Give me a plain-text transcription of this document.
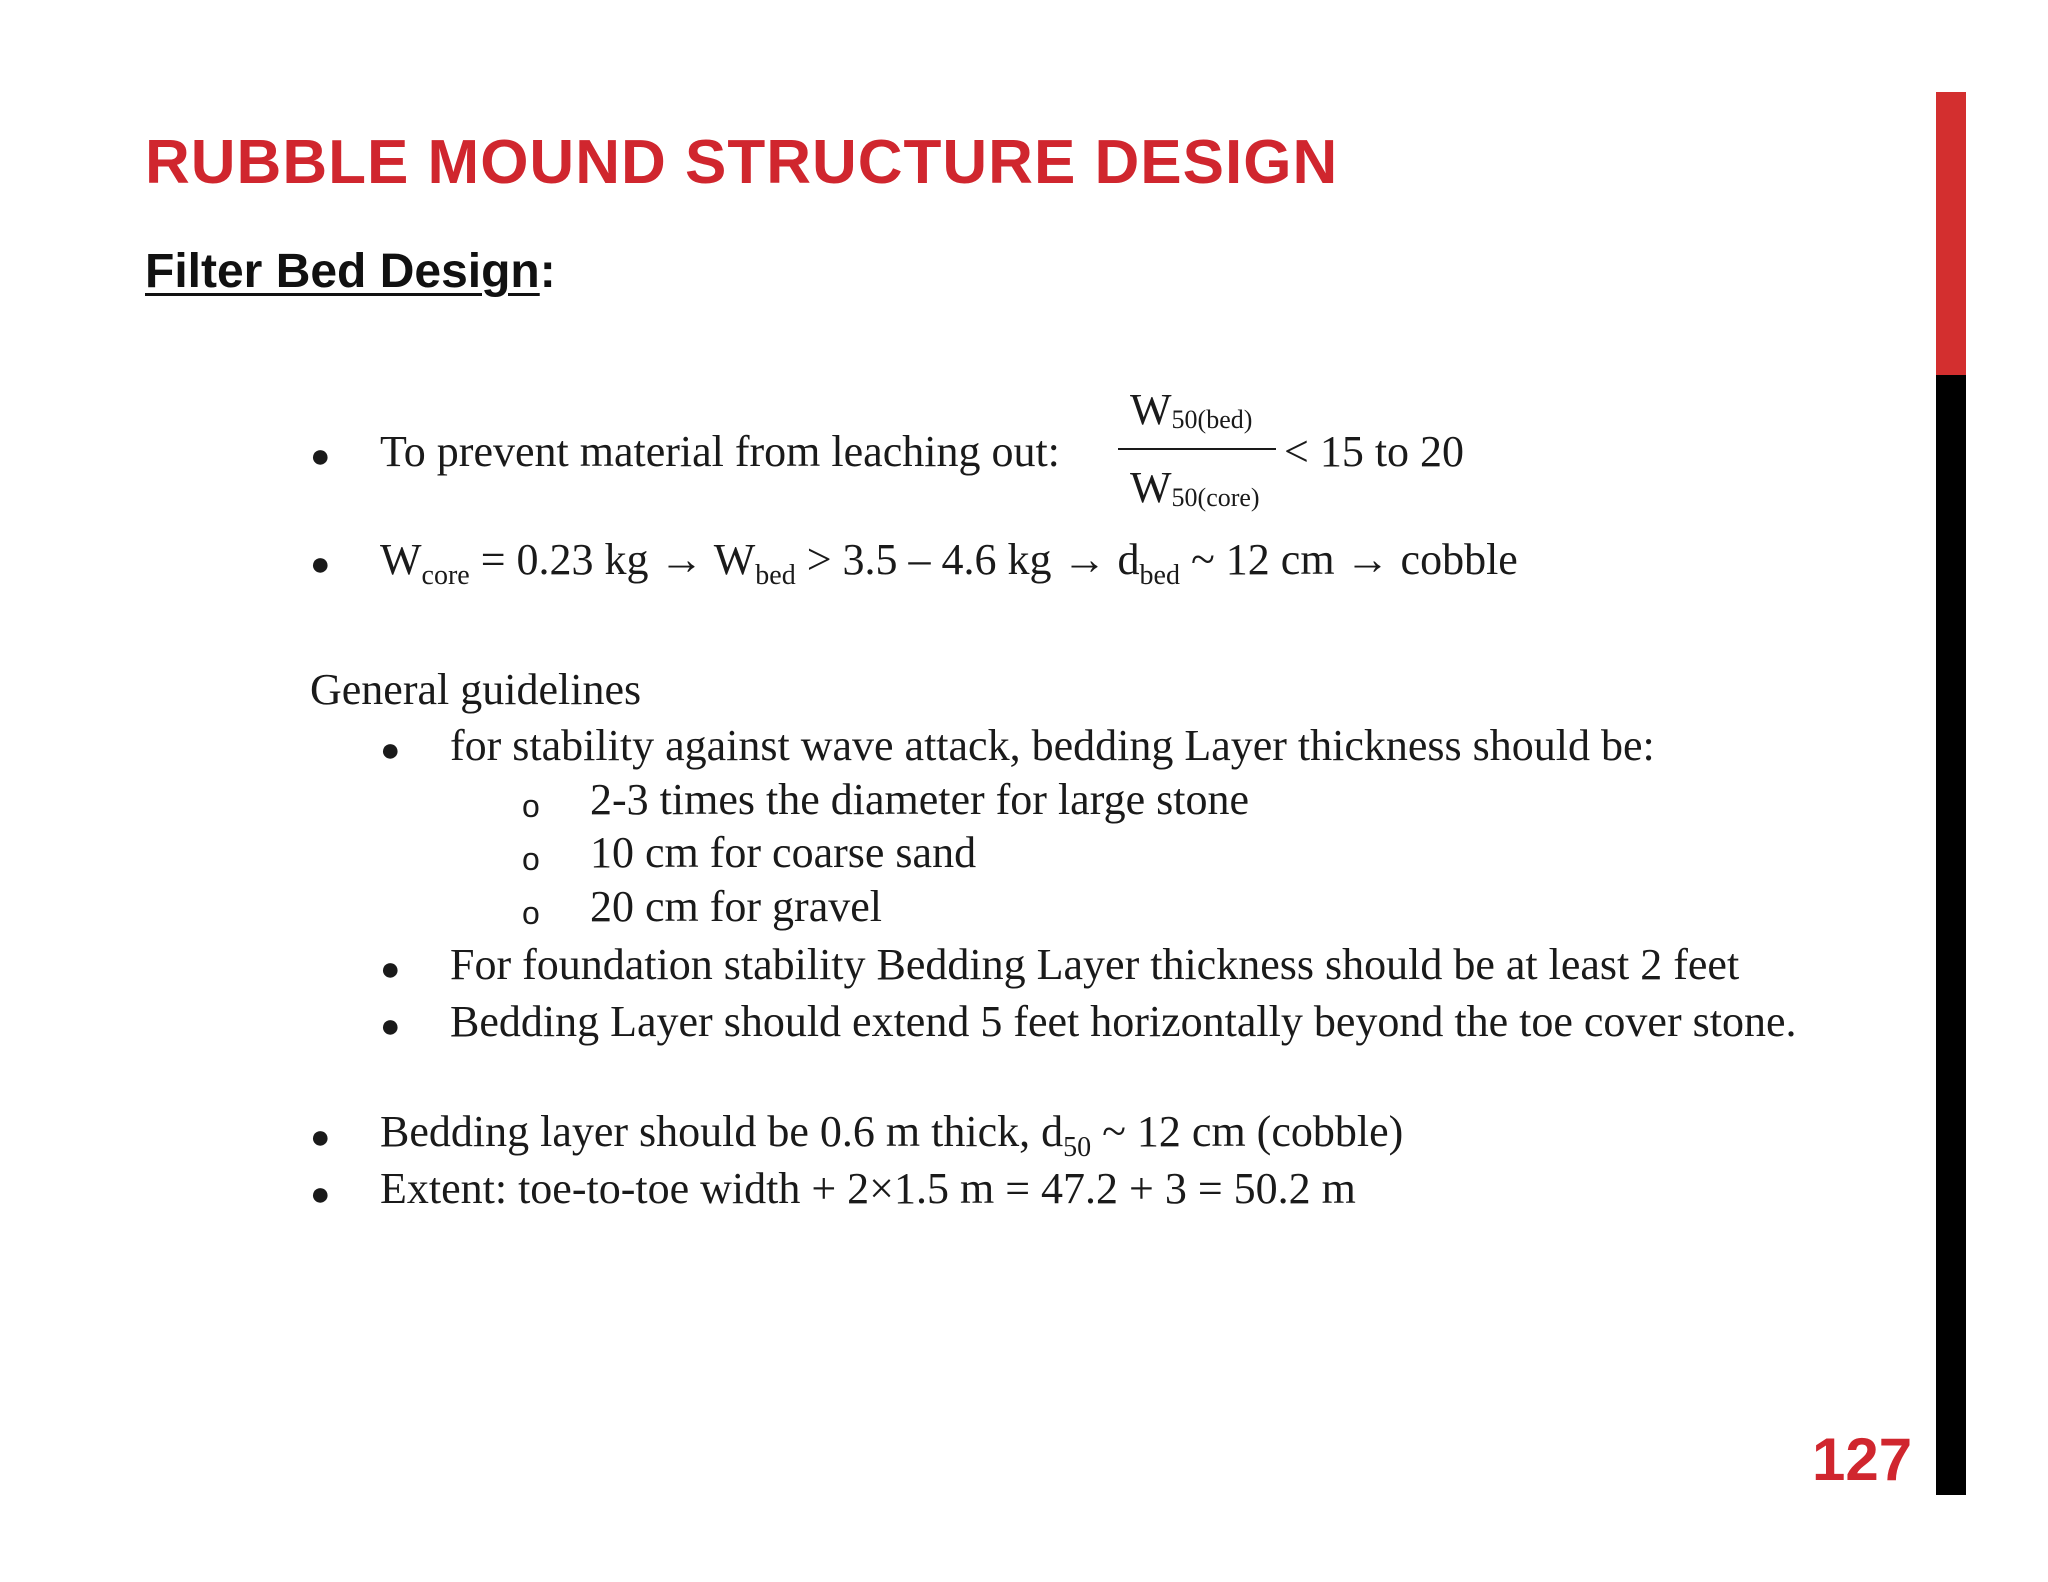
RUBBLE MOUND STRUCTURE DESIGN
Filter Bed Design:
● To prevent material from leaching out:
W50(bed)
W50(core)
< 15 to 20
● $W_{core} = 0.23$ kg → $W_{bed} > 3.5 - 4.6$ kg → $d_{bed}$ ~ 12 cm → cobble
General guidelines
● for stability against wave attack, bedding Layer thickness should be:
o 2-3 times the diameter for large stone
o 10 cm for coarse sand
o 20 cm for gravel
● For foundation stability Bedding Layer thickness should be at least 2 feet
● Bedding Layer should extend 5 feet horizontally beyond the toe cover stone.
● Bedding layer should be 0.6 m thick, $d_{50}$ ~ 12 cm (cobble)
● Extent: toe-to-toe width + 2×1.5 m = 47.2 + 3 = 50.2 m
127
